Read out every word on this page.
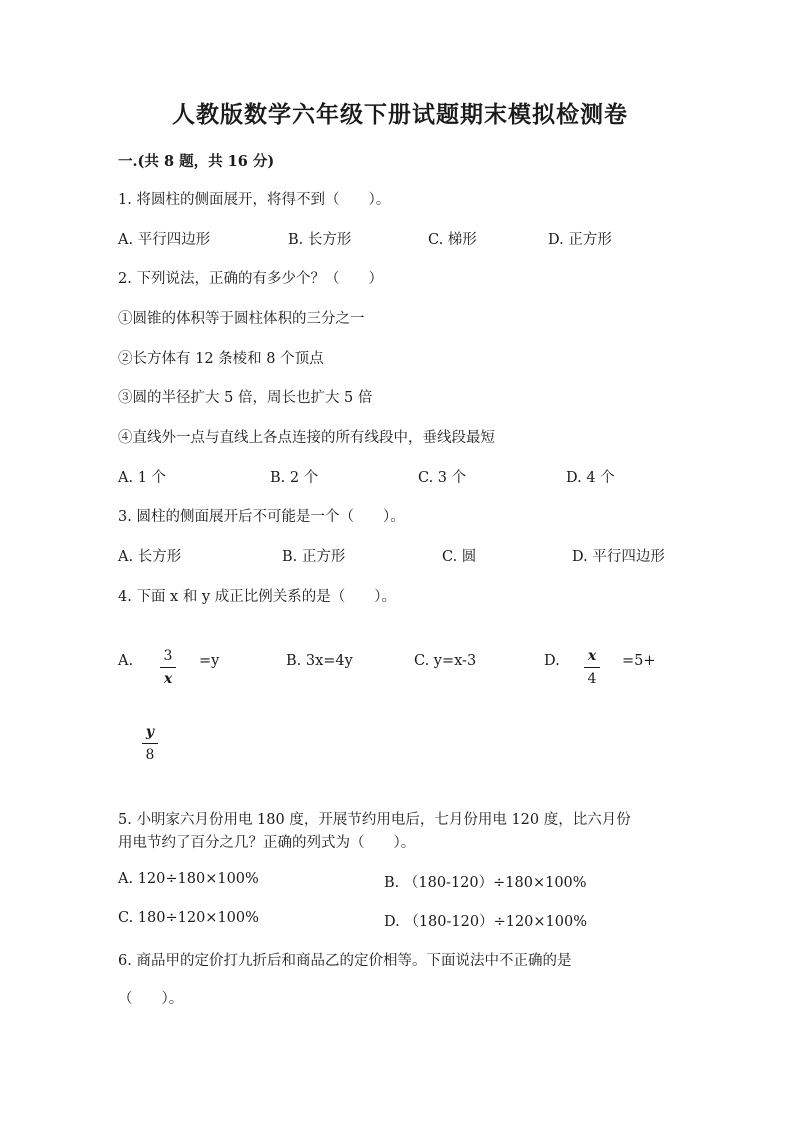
人教版数学六年级下册试题期末模拟检测卷
一.(共 8 题，共 16 分)
1. 将圆柱的侧面展开，将得不到（　　）。
A. 平行四边形	B. 长方形	C. 梯形	D. 正方形
2. 下列说法，正确的有多少个？（　　）
①圆锥的体积等于圆柱体积的三分之一
②长方体有 12 条棱和 8 个顶点
③圆的半径扩大 5 倍，周长也扩大 5 倍
④直线外一点与直线上各点连接的所有线段中，垂线段最短
A. 1 个	B. 2 个	C. 3 个	D. 4 个
3. 圆柱的侧面展开后不可能是一个（　　）。
A. 长方形	B. 正方形	C. 圆	D. 平行四边形
4. 下面 x 和 y 成正比例关系的是（　　）。
A. 3
x
=y	B. 3x=4y	C. y=x-3	D. x
4
=5+
y
8
5. 小明家六月份用电 180 度，开展节约用电后，七月份用电 120 度，比六月份
用电节约了百分之几？正确的列式为（　　）。
A. 120÷180×100%	B. （180-120）÷180×100%
C. 180÷120×100%	D. （180-120）÷120×100%
6. 商品甲的定价打九折后和商品乙的定价相等。下面说法中不正确的是
（　　）。
